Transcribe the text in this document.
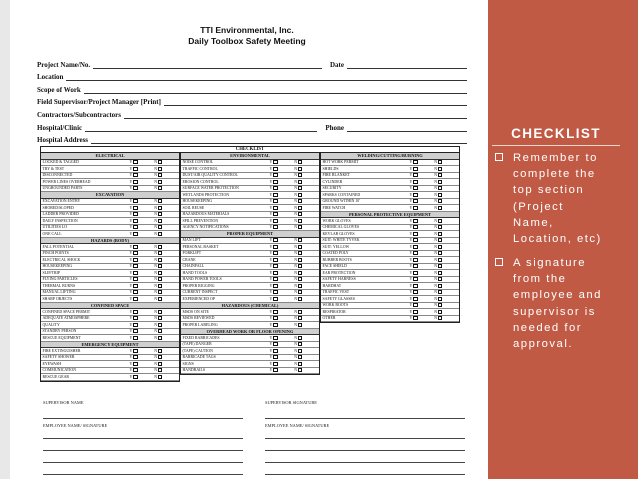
TTI Environmental, Inc.
Daily Toolbox Safety Meeting
Project Name/No.	Date
Location
Scope of Work
Field Supervisor/Project Manager [Print]
Contractors/Subcontractors
Hospital/Clinic	Phone
Hospital Address
CHECKLIST
ELECTRICAL
LOCKED & TAGGED	Y	N
TRY & TEST	Y	N
DISCONNECTED	Y	N
POWER LINES OVERHEAD	Y	N
UNGROUNDED PARTS	Y	N
EXCAVATION
EXCAVATION ENTRY	Y	N
SHORED/SLOPED	Y	N
LADDER PROVIDED	Y	N
DAILY INSPECTION	Y	N
UTILITIES LO	Y	N
ONE CALL	Y	N
HAZARDS (BODY)
FALL POTENTIAL	Y	N
PINCH POINTS	Y	N
ELECTRICAL SHOCK	Y	N
HOUSEKEEPING	Y	N
SLIP/TRIP	Y	N
FLYING PARTICLES	Y	N
THERMAL BURNS	Y	N
MANUAL LIFTING	Y	N
SHARP OBJECTS	Y	N
CONFINED SPACE
CONFINED SPACE PERMIT	Y	N
ADEQUATE ATMOSPHERE	Y	N
QUALITY	Y	N
STANDBY PERSON	Y	N
RESCUE EQUIPMENT	Y	N
EMERGENCY EQUIPMENT
FIRE EXTINGUISHER	Y	N
SAFETY SHOWER	Y	N
EYEWASH	Y	N
COMMUNICATION	Y	N
RESCUE GEAR	Y	N
ENVIRONMENTAL
NOISE CONTROL	Y	N
TRAFFIC CONTROL	Y	N
DUST/AIR QUALITY CONTROL	Y	N
EROSION CONTROL	Y	N
SURFACE WATER PROTECTION	Y	N
WETLANDS PROTECTION	Y	N
HOUSEKEEPING	Y	N
SOIL REUSE	Y	N
HAZARDOUS MATERIALS	Y	N
SPILL PREVENTION	Y	N
AGENCY NOTIFICATIONS	Y	N
PROPER EQUIPMENT
MAN LIFT	Y	N
PERSONAL BASKET	Y	N
FORKLIFT	Y	N
CRANE	Y	N
CHAINFALL	Y	N
HAND TOOLS	Y	N
HAND POWER TOOLS	Y	N
PROPER RIGGING	Y	N
CURRENT INSPECT	Y	N
EXPERIENCED OP	Y	N
HAZARDOUS (CHEMICAL)
MSDS ON SITE	Y	N
MSDS REVIEWED	Y	N
PROPER LABELING	Y	N
OVERHEAD WORK OR FLOOR OPENING
FIXED BARRICADES	Y	N
(TAPE) DANGER	Y	N
(TAPE) CAUTION	Y	N
BARRICADE TAGS	Y	N
SIGNS	Y	N
HANDRAILS	Y	N
WELDING/CUTTING/BURNING
HOT WORK PERMIT	Y	N
SHIELDS	Y	N
FIRE BLANKET	Y	N
CYLINDER	Y	N
SECURITY	Y	N
SPARKS CONTAINED	Y	N
GROUND WITHIN 10'	Y	N
FIRE WATCH	Y	N
PERSONAL PROTECTIVE EQUIPMENT
WORK GLOVES	Y	N
CHEMICAL GLOVES	Y	N
KEVLAR GLOVES	Y	N
SUIT: WHITE TYVEK	Y	N
SUIT: YELLOW	Y	N
COATED POLY	Y	N
RUBBER BOOTS	Y	N
FACE SHIELD	Y	N
EAR PROTECTION	Y	N
SAFETY HARNESS	Y	N
HARDHAT	Y	N
TRAFFIC VEST	Y	N
SAFETY GLASSES	Y	N
WORK BOOTS	Y	N
RESPIRATOR	Y	N
OTHER	Y	N
SUPERVISOR NAME	SUPERVISOR SIGNATURE
EMPLOYEE NAME/ SIGNATURE	EMPLOYEE NAME/ SIGNATURE
CHECKLIST
Remember to
complete the
top section
(Project
Name,
Location, etc)
A signature
from the
employee and
supervisor is
needed for
approval.
